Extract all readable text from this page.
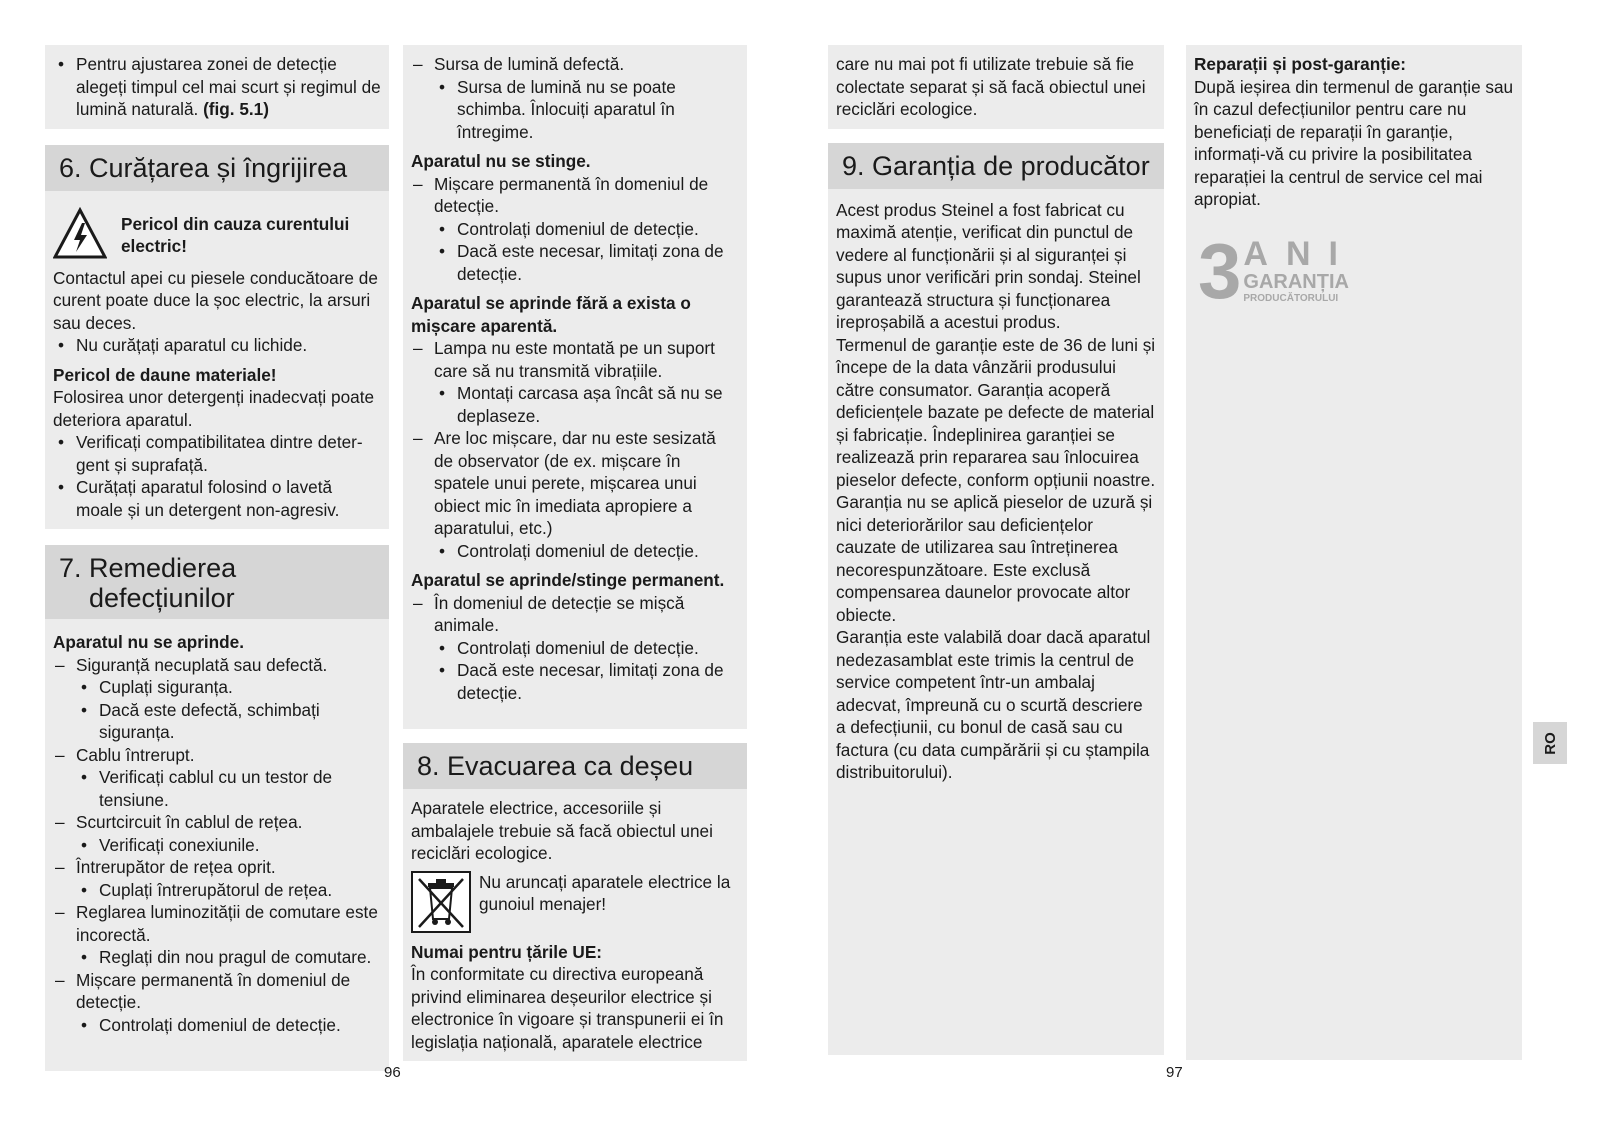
• Pentru ajustarea zonei de detecție alegeți timpul cel mai scurt și regimul de lumină naturală. (fig. 5.1)
6. Curățarea și îngrijirea
Pericol din cauza curentului electric!

Contactul apei cu piesele conducătoare de curent poate duce la șoc electric, la arsuri sau deces.

• Nu curățați aparatul cu lichide.

Pericol de daune materiale!

Folosirea unor detergenți inadecvați poate deteriora aparatul.

• Verificați compatibilitatea dintre detergent și suprafață.
• Curățați aparatul folosind o lavetă moale și un detergent non-agresiv.
7. Remedierea
defecțiunilor

Aparatul nu se aprinde.

– Siguranță necuplată sau defectă.
• Cuplați siguranța.
• Dacă este defectă, schimbați siguranța.
– Cablu întrerupt.
• Verificați cablul cu un testor de tensiune.
– Scurtcircuit în cablul de rețea.
• Verificați conexiunile.
– Întrerupător de rețea oprit.
• Cuplați întrerupătorul de rețea.
– Reglarea luminozității de comutare este incorectă.
• Reglați din nou pragul de comutare.
– Mișcare permanentă în domeniul de detecție.
• Controlați domeniul de detecție.
96
– Sursa de lumină defectă.
• Sursa de lumină nu se poate schimba. Înlocuiți aparatul în întregime.

Aparatul nu se stinge.

– Mișcare permanentă în domeniul de detecție.
• Controlați domeniul de detecție.
• Dacă este necesar, limitați zona de detecție.

Aparatul se aprinde fără a exista o mișcare aparentă.

– Lampa nu este montată pe un suport care să nu transmită vibrațiile.
• Montați carcasa așa încât să nu se deplaseze.
– Are loc mișcare, dar nu este sesizată de observator (de ex. mișcare în spatele unui perete, mișcarea unui obiect mic în imediata apropiere a aparatului, etc.)
• Controlați domeniul de detecție.

Aparatul se aprinde/stinge permanent.

– În domeniul de detecție se mișcă animale.
• Controlați domeniul de detecție.
• Dacă este necesar, limitați zona de detecție.
8. Evacuarea ca deșeu

Aparatele electrice, accesoriile și ambalajele trebuie să facă obiectul unei reciclări ecologice.

Nu aruncați aparatele electrice la gunoiul menajer!

Numai pentru țările UE:

În conformitate cu directiva europeană privind eliminarea deșeurilor electrice și electronice în vigoare și transpunerii ei în legislația națională, aparatele electrice

care nu mai pot fi utilizate trebuie să fie colectate separat și să facă obiectul unei reciclări ecologice.

9. Garanția de producător

Acest produs Steinel a fost fabricat cu maximă atenție, verificat din punctul de vedere al funcționării și al siguranței și supus unor verificări prin sondaj. Steinel garantează structura și funcționarea ireproșabilă a acestui produs.

Termenul de garanție este de 36 de luni și începe de la data vânzării produsului către consumator. Garanția acoperă deficiențele bazate pe defecte de material și fabricație. Îndeplinirea garanției se realizează prin repararea sau înlocuirea pieselor defecte, conform opțiunii noastre. Garanția nu se aplică pieselor de uzură și nici deteriorărilor sau deficiențelor cauzate de utilizarea sau întreținerea necorespunzătoare. Este exclusă compensarea daunelor provocate altor obiecte.

Garanția este valabilă doar dacă aparatul nedezasamblat este trimis la centrul de service competent într-un ambalaj adecvat, împreună cu o scurtă descriere a defecțiunii, cu bonul de casă sau cu factura (cu data cumpărării și cu ștampila distribuitorului).

97

Reparații și post-garanție:

După ieșirea din termenul de garanție sau în cazul defecțiunilor pentru care nu beneficiați de reparații în garanție, informați-vă cu privire la posibilitatea reparației la centrul de service cel mai apropiat.

3 ANI
GARANȚIA
PRODUCĂTORULUI
RO
